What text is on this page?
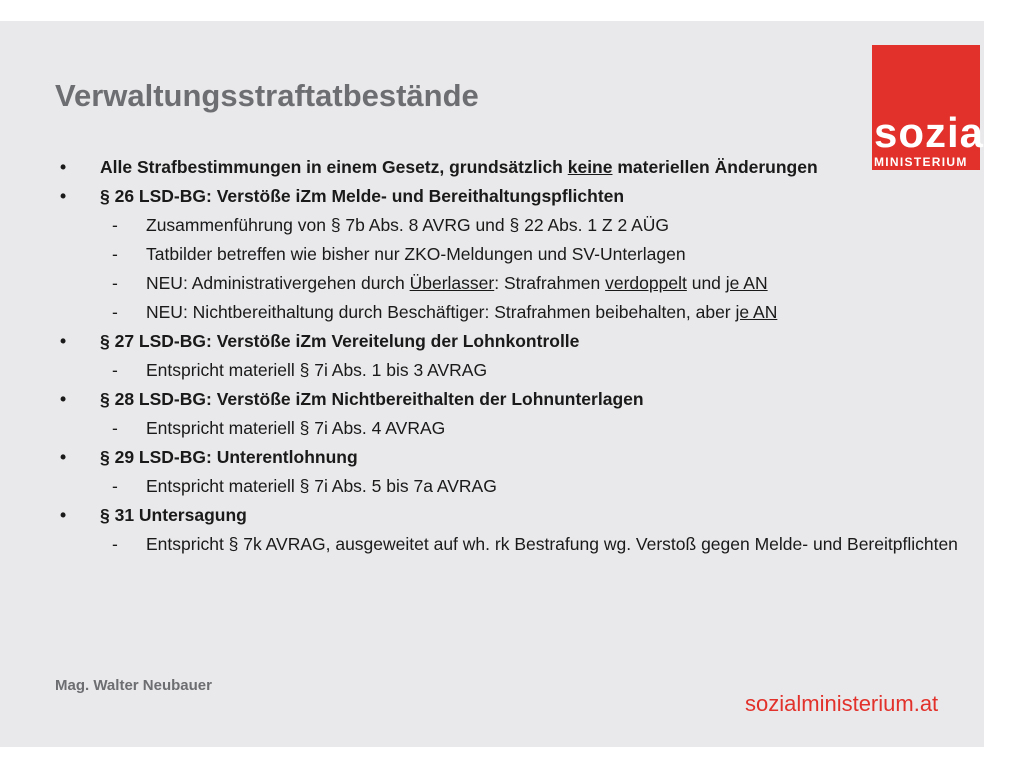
sozial
MINISTERIUM
Verwaltungsstraftatbestände
• Alle Strafbestimmungen in einem Gesetz, grundsätzlich keine materiellen Änderungen
• § 26 LSD-BG: Verstöße iZm Melde- und Bereithaltungspflichten
- Zusammenführung von § 7b Abs. 8 AVRG und § 22 Abs. 1 Z 2 AÜG
- Tatbilder betreffen wie bisher nur ZKO-Meldungen und SV-Unterlagen
- NEU: Administrativergehen durch Überlasser: Strafrahmen verdoppelt und je AN
- NEU: Nichtbereithaltung durch Beschäftiger: Strafrahmen beibehalten, aber je AN
• § 27 LSD-BG: Verstöße iZm Vereitelung der Lohnkontrolle
- Entspricht materiell § 7i Abs. 1 bis 3 AVRAG
• § 28 LSD-BG: Verstöße iZm Nichtbereithalten der Lohnunterlagen
- Entspricht materiell § 7i Abs. 4 AVRAG
• § 29 LSD-BG: Unterentlohnung
- Entspricht materiell § 7i Abs. 5 bis 7a AVRAG
• § 31 Untersagung
- Entspricht § 7k AVRAG, ausgeweitet auf wh. rk Bestrafung wg. Verstoß gegen Melde- und Bereitpflichten
Mag. Walter Neubauer
sozialministerium.at
